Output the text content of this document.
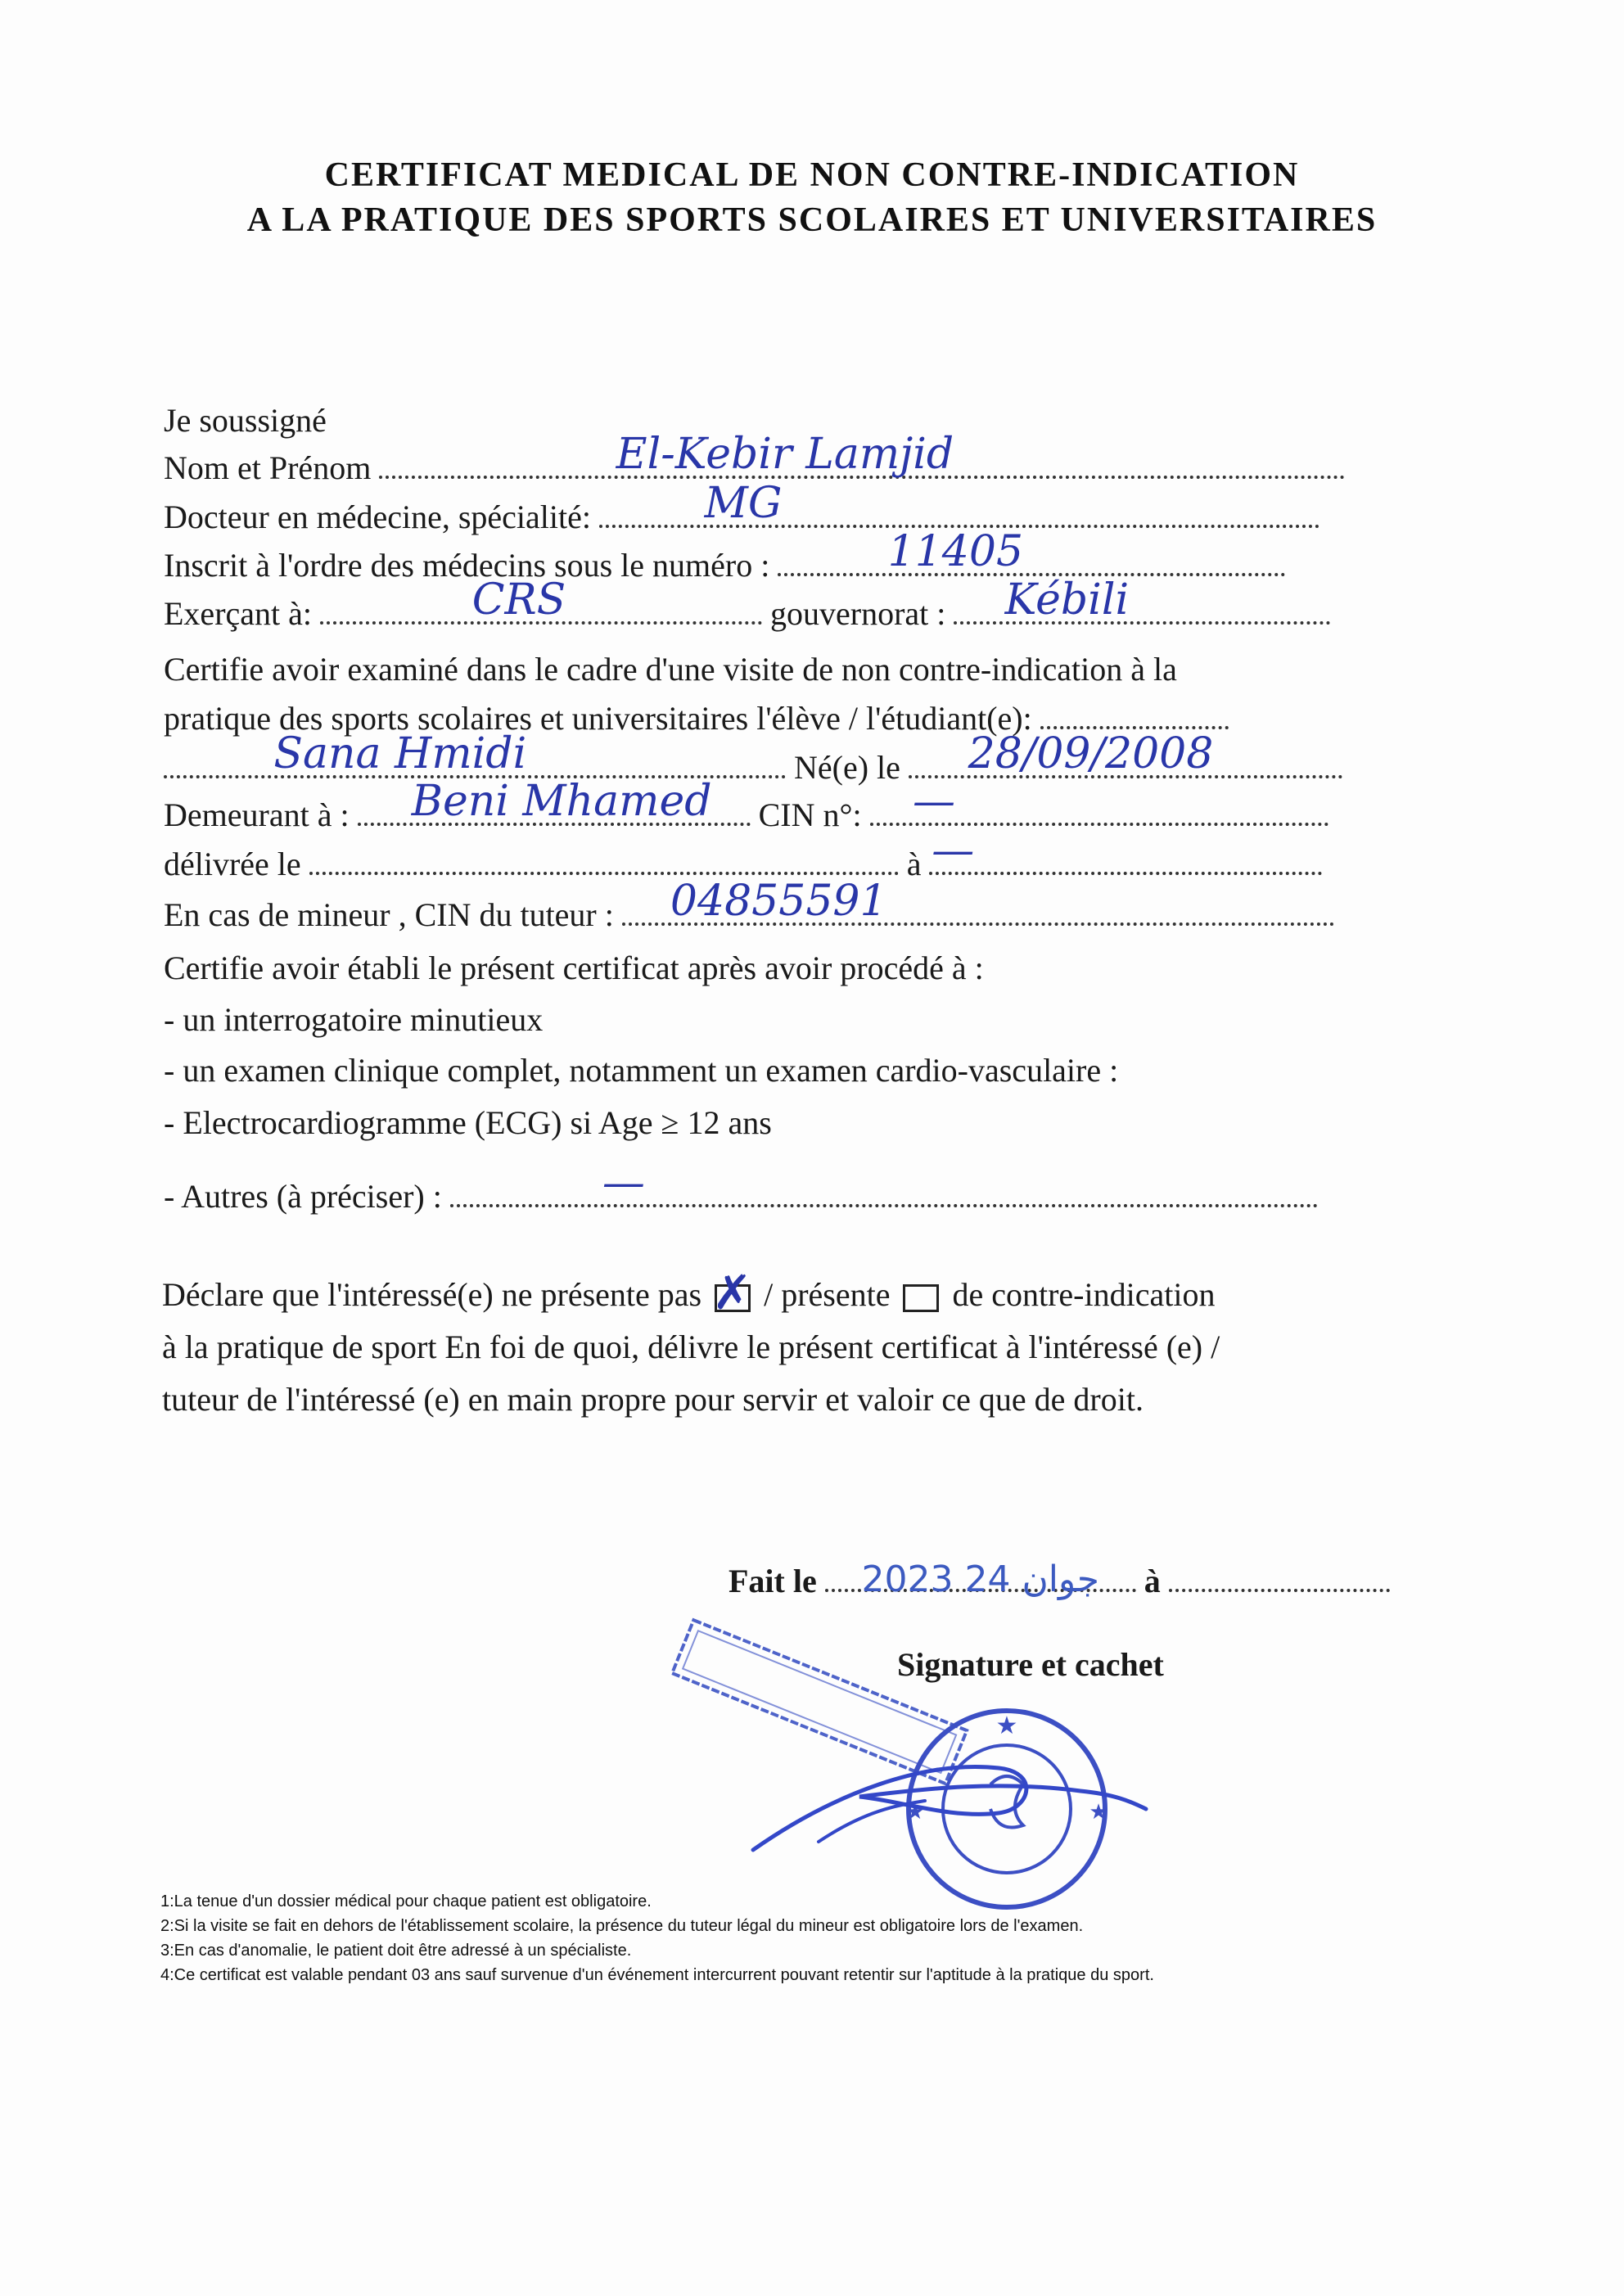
CERTIFICAT MEDICAL DE NON CONTRE-INDICATION
A LA PRATIQUE DES SPORTS SCOLAIRES ET UNIVERSITAIRES
Je soussigné
Nom et Prénom	El-Kebir Lamjid
Docteur en médecine, spécialité:	MG
Inscrit à l'ordre des médecins sous le numéro :	11405
Exerçant à:	CRS	gouvernorat : Kébili
Certifie avoir examiné dans le cadre d'une visite de non contre-indication à la
pratique des sports scolaires et universitaires l'élève / l'étudiant(e):
Sana Hmidi	Né(e) le 28/09/2008
Demeurant à : Beni Mhamed CIN n°: —
délivrée le	à —
En cas de mineur , CIN du tuteur : 04855591
Certifie avoir établi le présent certificat après avoir procédé à :
- un interrogatoire minutieux
- un examen clinique complet, notamment un examen cardio-vasculaire :
- Electrocardiogramme (ECG) si Age ≥ 12 ans
- Autres (à préciser) :	—
Déclare que l'intéressé(e) ne présente pas ✗ / présente de contre-indication
à la pratique de sport En foi de quoi, délivre le présent certificat à l'intéressé (e) /
tuteur de l'intéressé (e) en main propre pour servir et valoir ce que de droit.
Fait le 2023 جوان 24 à
Signature et cachet
★
★	★
1:La tenue d'un dossier médical pour chaque patient est obligatoire.
2:Si la visite se fait en dehors de l'établissement scolaire, la présence du tuteur légal du mineur est obligatoire lors de l'examen.
3:En cas d'anomalie, le patient doit être adressé à un spécialiste.
4:Ce certificat est valable pendant 03 ans sauf survenue d'un événement intercurrent pouvant retentir sur l'aptitude à la pratique du sport.
